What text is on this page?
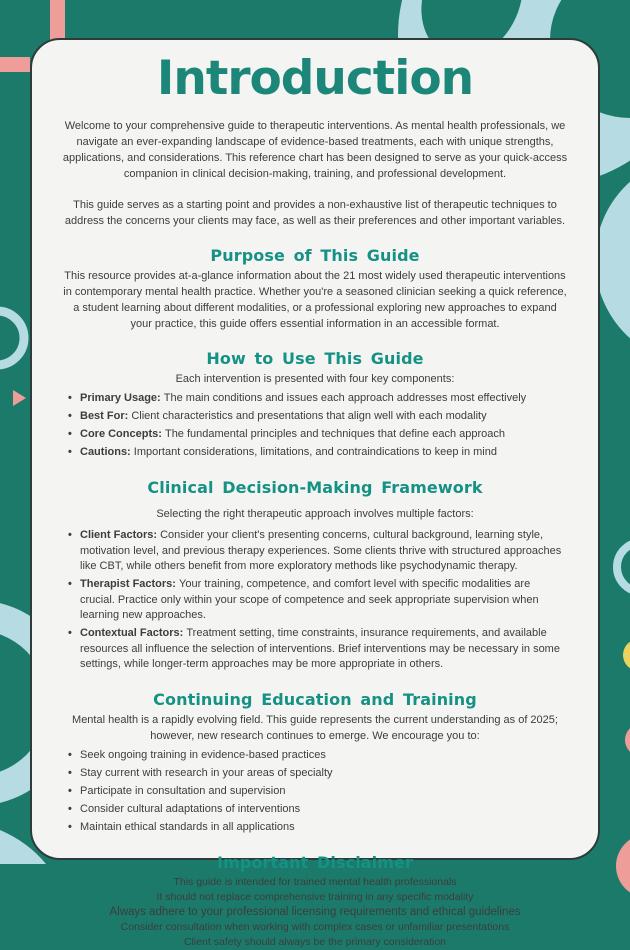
Introduction

Welcome to your comprehensive guide to therapeutic interventions. As mental health professionals, we navigate an ever-expanding landscape of evidence-based treatments, each with unique strengths, applications, and considerations. This reference chart has been designed to serve as your quick-access companion in clinical decision-making, training, and professional development.

This guide serves as a starting point and provides a non-exhaustive list of therapeutic techniques to address the concerns your clients may face, as well as their preferences and other important variables.

Purpose of This Guide

This resource provides at-a-glance information about the 21 most widely used therapeutic interventions in contemporary mental health practice. Whether you're a seasoned clinician seeking a quick reference, a student learning about different modalities, or a professional exploring new approaches to expand your practice, this guide offers essential information in an accessible format.

How to Use This Guide

Each intervention is presented with four key components:

• Primary Usage: The main conditions and issues each approach addresses most effectively
• Best For: Client characteristics and presentations that align well with each modality
• Core Concepts: The fundamental principles and techniques that define each approach
• Cautions: Important considerations, limitations, and contraindications to keep in mind
Clinical Decision-Making Framework

Selecting the right therapeutic approach involves multiple factors:

• Client Factors: Consider your client's presenting concerns, cultural background, learning style, motivation level, and previous therapy experiences. Some clients thrive with structured approaches like CBT, while others benefit from more exploratory methods like psychodynamic therapy.
• Therapist Factors: Your training, competence, and comfort level with specific modalities are crucial. Practice only within your scope of competence and seek appropriate supervision when learning new approaches.
• Contextual Factors: Treatment setting, time constraints, insurance requirements, and available resources all influence the selection of interventions. Brief interventions may be necessary in some settings, while longer-term approaches may be more appropriate in others.
Continuing Education and Training

Mental health is a rapidly evolving field. This guide represents the current understanding as of 2025; however, new research continues to emerge. We encourage you to:

• Seek ongoing training in evidence-based practices
• Stay current with research in your areas of specialty
• Participate in consultation and supervision
• Consider cultural adaptations of interventions
• Maintain ethical standards in all applications
Important Disclaimer
This guide is intended for trained mental health professionals
It should not replace comprehensive training in any specific modality
Always adhere to your professional licensing requirements and ethical guidelines
Consider consultation when working with complex cases or unfamiliar presentations
Client safety should always be the primary consideration
